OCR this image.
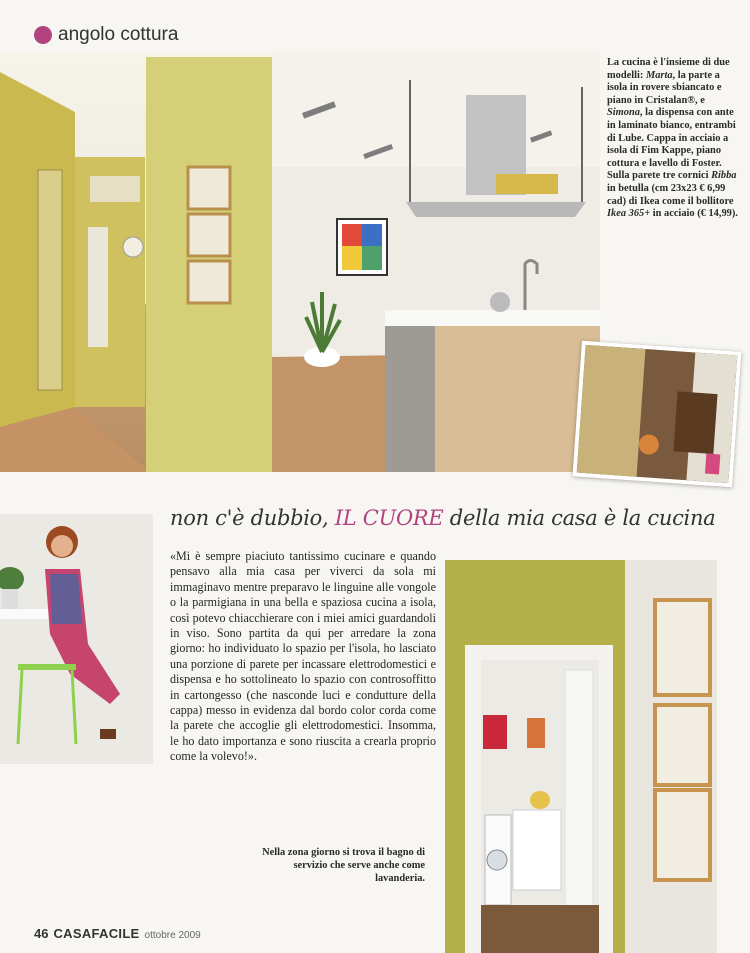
angolo cottura
La cucina è l'insieme di due modelli: Marta, la parte a isola in rovere sbiancato e piano in Cristalan®, e Simona, la dispensa con ante in laminato bianco, entrambi di Lube. Cappa in acciaio a isola di Fim Kappe, piano cottura e lavello di Foster. Sulla parete tre cornici Ribba in betulla (cm 23x23 € 6,99 cad) di Ikea come il bollitore Ikea 365+ in acciaio (€ 14,99).
non c'è dubbio, IL CUORE della mia casa è la cucina
«Mi è sempre piaciuto tantissimo cucinare e quando pensavo alla mia casa per viverci da sola mi immaginavo mentre preparavo le linguine alle vongole o la parmigiana in una bella e spaziosa cucina a isola, così potevo chiacchierare con i miei amici guardandoli in viso. Sono partita da qui per arredare la zona giorno: ho individuato lo spazio per l'isola, ho lasciato una porzione di parete per incassare elettrodomestici e dispensa e ho sottolineato lo spazio con controsoffitto in cartongesso (che nasconde luci e condutture della cappa) messo in evidenza dal bordo color corda come la parete che accoglie gli elettrodomestici. Insomma, le ho dato importanza e sono riuscita a crearla proprio come la volevo!».
Nella zona giorno si trova il bagno di servizio che serve anche come lavanderia.
46 CASAFACILE ottobre 2009
